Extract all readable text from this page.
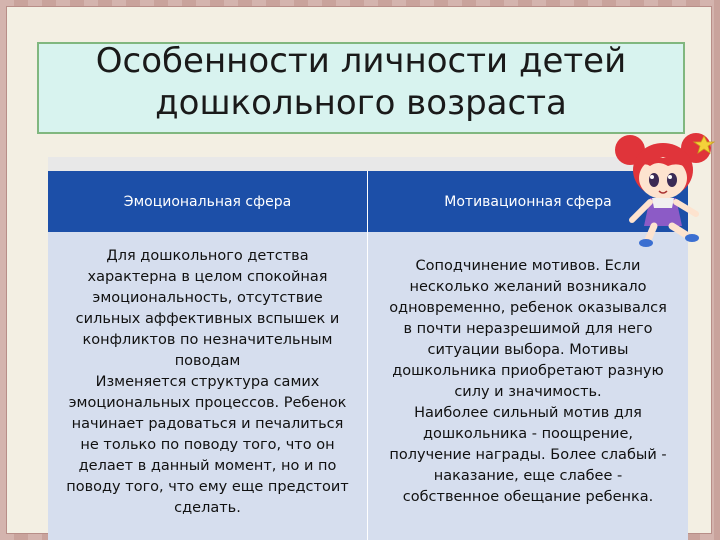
Особенности личности детей
дошкольного возраста
Эмоциональная сфера	Мотивационная сфера
Для дошкольного детства
характерна в целом спокойная
эмоциональность, отсутствие
сильных аффективных вспышек и
конфликтов по незначительным
поводам
Изменяется структура самих
эмоциональных процессов. Ребенок
начинает радоваться и печалиться
не только по поводу того, что он
делает в данный момент, но и по
поводу того, что ему еще предстоит
сделать.
Соподчинение мотивов. Если
несколько желаний возникало
одновременно, ребенок оказывался
в почти неразрешимой для него
ситуации выбора. Мотивы
дошкольника приобретают разную
силу и значимость.
Наиболее сильный мотив для
дошкольника - поощрение,
получение награды. Более слабый -
наказание, еще слабее -
собственное обещание ребенка.
